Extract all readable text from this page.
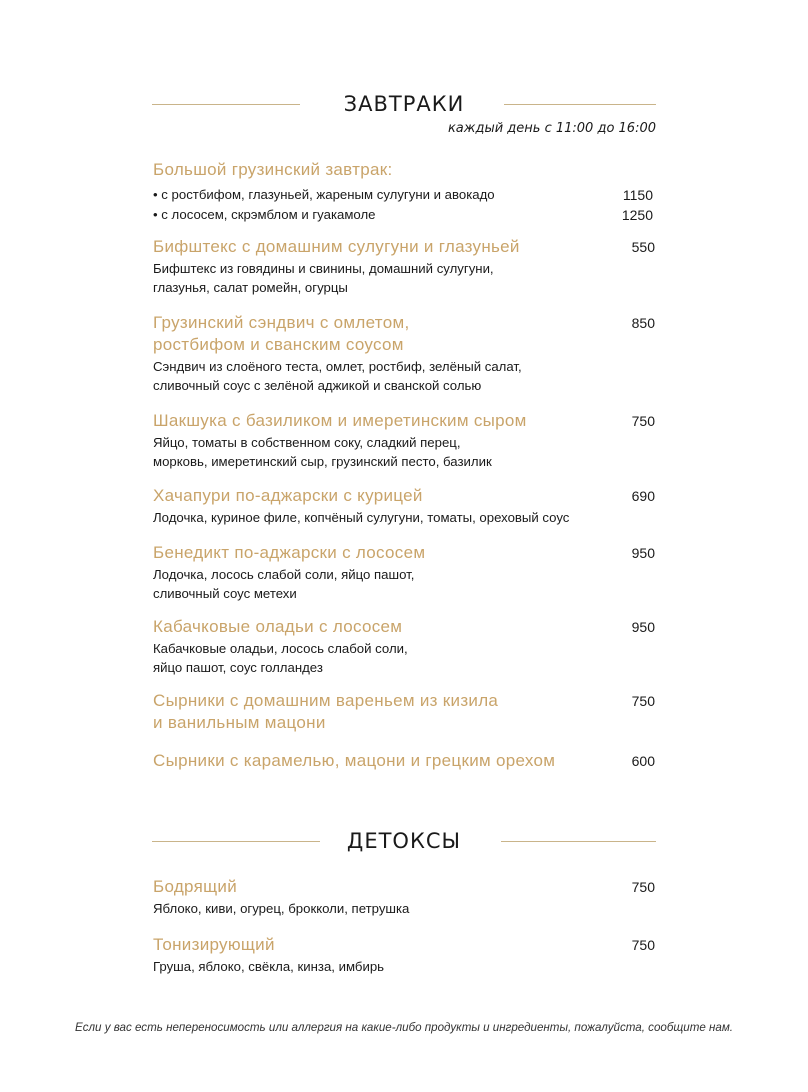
ЗАВТРАКИ
каждый день с 11:00 до 16:00
Большой грузинский завтрак:
• с ростбифом, глазуньей, жареным сулугуни и авокадо	1150
• с лососем, скрэмблом и гуакамоле	1250
Бифштекс с домашним сулугуни и глазуньей	550
Бифштекс из говядины и свинины, домашний сулугуни,
глазунья, салат ромейн, огурцы
Грузинский сэндвич с омлетом,
ростбифом и сванским соусом
850
Сэндвич из слоёного теста, омлет, ростбиф, зелёный салат,
сливочный соус с зелёной аджикой и сванской солью
Шакшука с базиликом и имеретинским сыром	750
Яйцо, томаты в собственном соку, сладкий перец,
морковь, имеретинский сыр, грузинский песто, базилик
Хачапури по-аджарски с курицей	690
Лодочка, куриное филе, копчёный сулугуни, томаты, ореховый соус
Бенедикт по-аджарски с лососем	950
Лодочка, лосось слабой соли, яйцо пашот,
сливочный соус метехи
Кабачковые оладьи с лососем	950
Кабачковые оладьи, лосось слабой соли,
яйцо пашот, соус голландез
Сырники с домашним вареньем из кизила
и ванильным мацони
750
Сырники с карамелью, мацони и грецким орехом	600
ДЕТОКСЫ
Бодрящий	750
Яблоко, киви, огурец, брокколи, петрушка
Тонизирующий	750
Груша, яблоко, свёкла, кинза, имбирь
Если у вас есть непереносимость или аллергия на какие-либо продукты и ингредиенты, пожалуйста, сообщите нам.
